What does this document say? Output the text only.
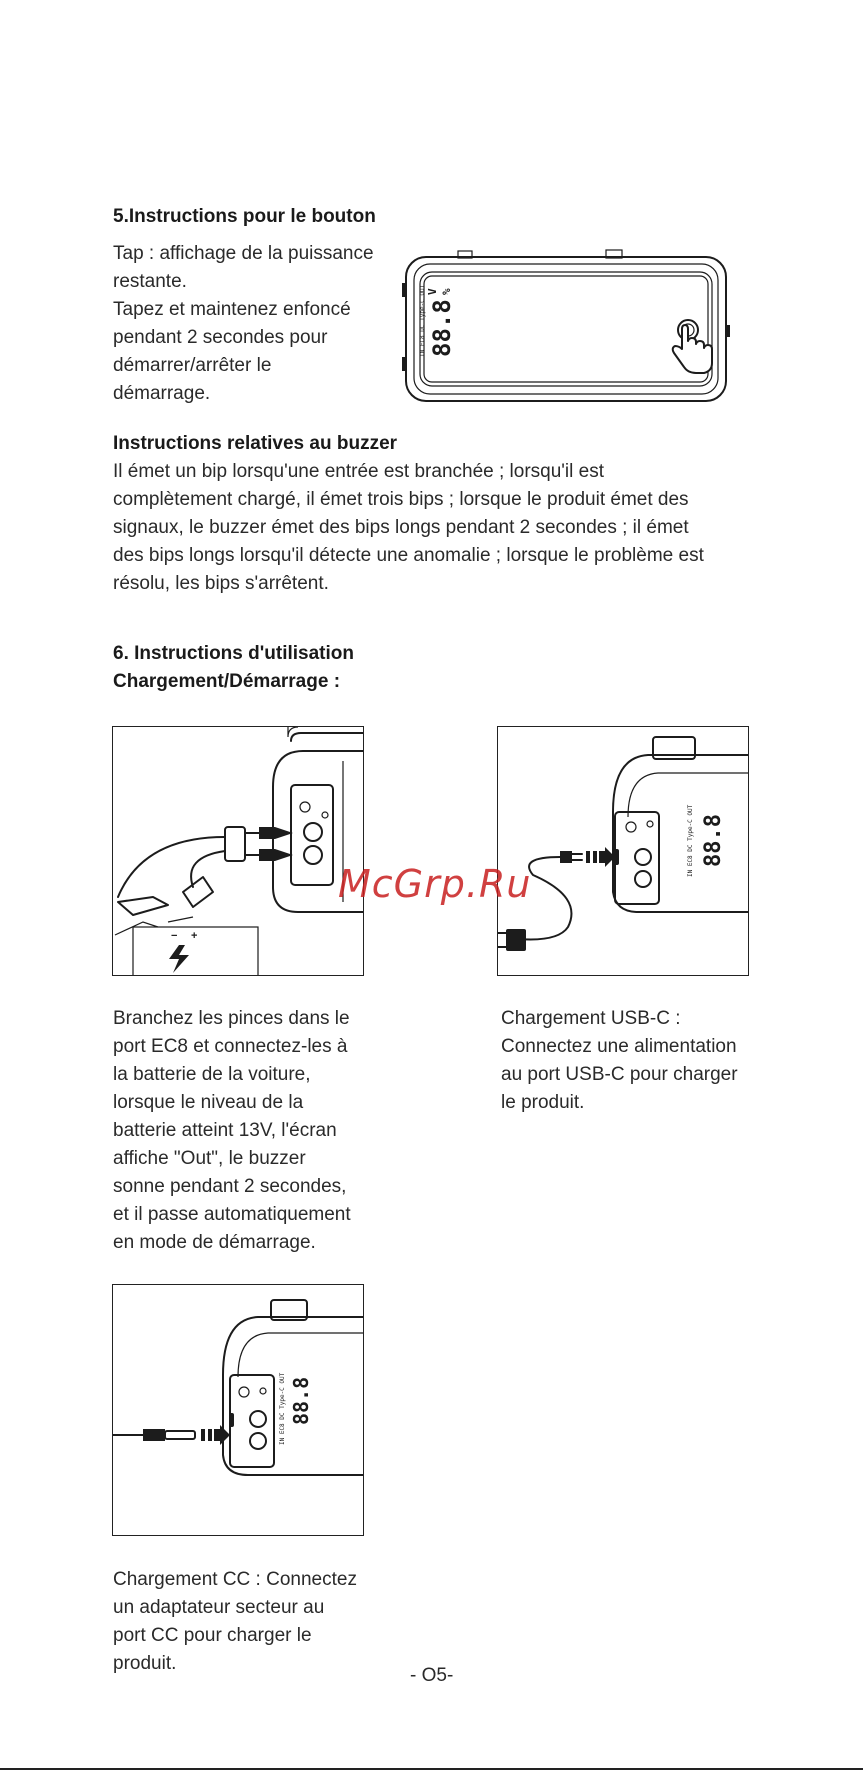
5.Instructions pour le bouton
Tap : affichage de la puissance
restante.
Tapez et maintenez enfoncé
pendant 2 secondes pour
démarrer/arrêter le
démarrage.
88.8
V %
IN EC8 DC Type-C OUT
Instructions relatives au buzzer
Il émet un bip lorsqu'une entrée est branchée ; lorsqu'il est
complètement chargé, il émet trois bips ; lorsque le produit émet des
signaux, le buzzer émet des bips longs pendant 2 secondes ; il émet
des bips longs lorsqu'il détecte une anomalie ; lorsque le problème est
résolu, les bips s'arrêtent.
6. Instructions d'utilisation
Chargement/Démarrage :
− +
88.8
IN EC8 DC Type-C OUT
McGrp.Ru
Branchez les pinces dans le
port EC8 et connectez-les à
la batterie de la voiture,
lorsque le niveau de la
batterie atteint 13V, l'écran
affiche "Out", le buzzer
sonne pendant 2 secondes,
et il passe automatiquement
en mode de démarrage.
Chargement USB-C :
Connectez une alimentation
au port USB-C pour charger
le produit.
88.8
IN EC8 DC Type-C OUT
Chargement CC : Connectez
un adaptateur secteur au
port CC pour charger le
produit.
- O5-
